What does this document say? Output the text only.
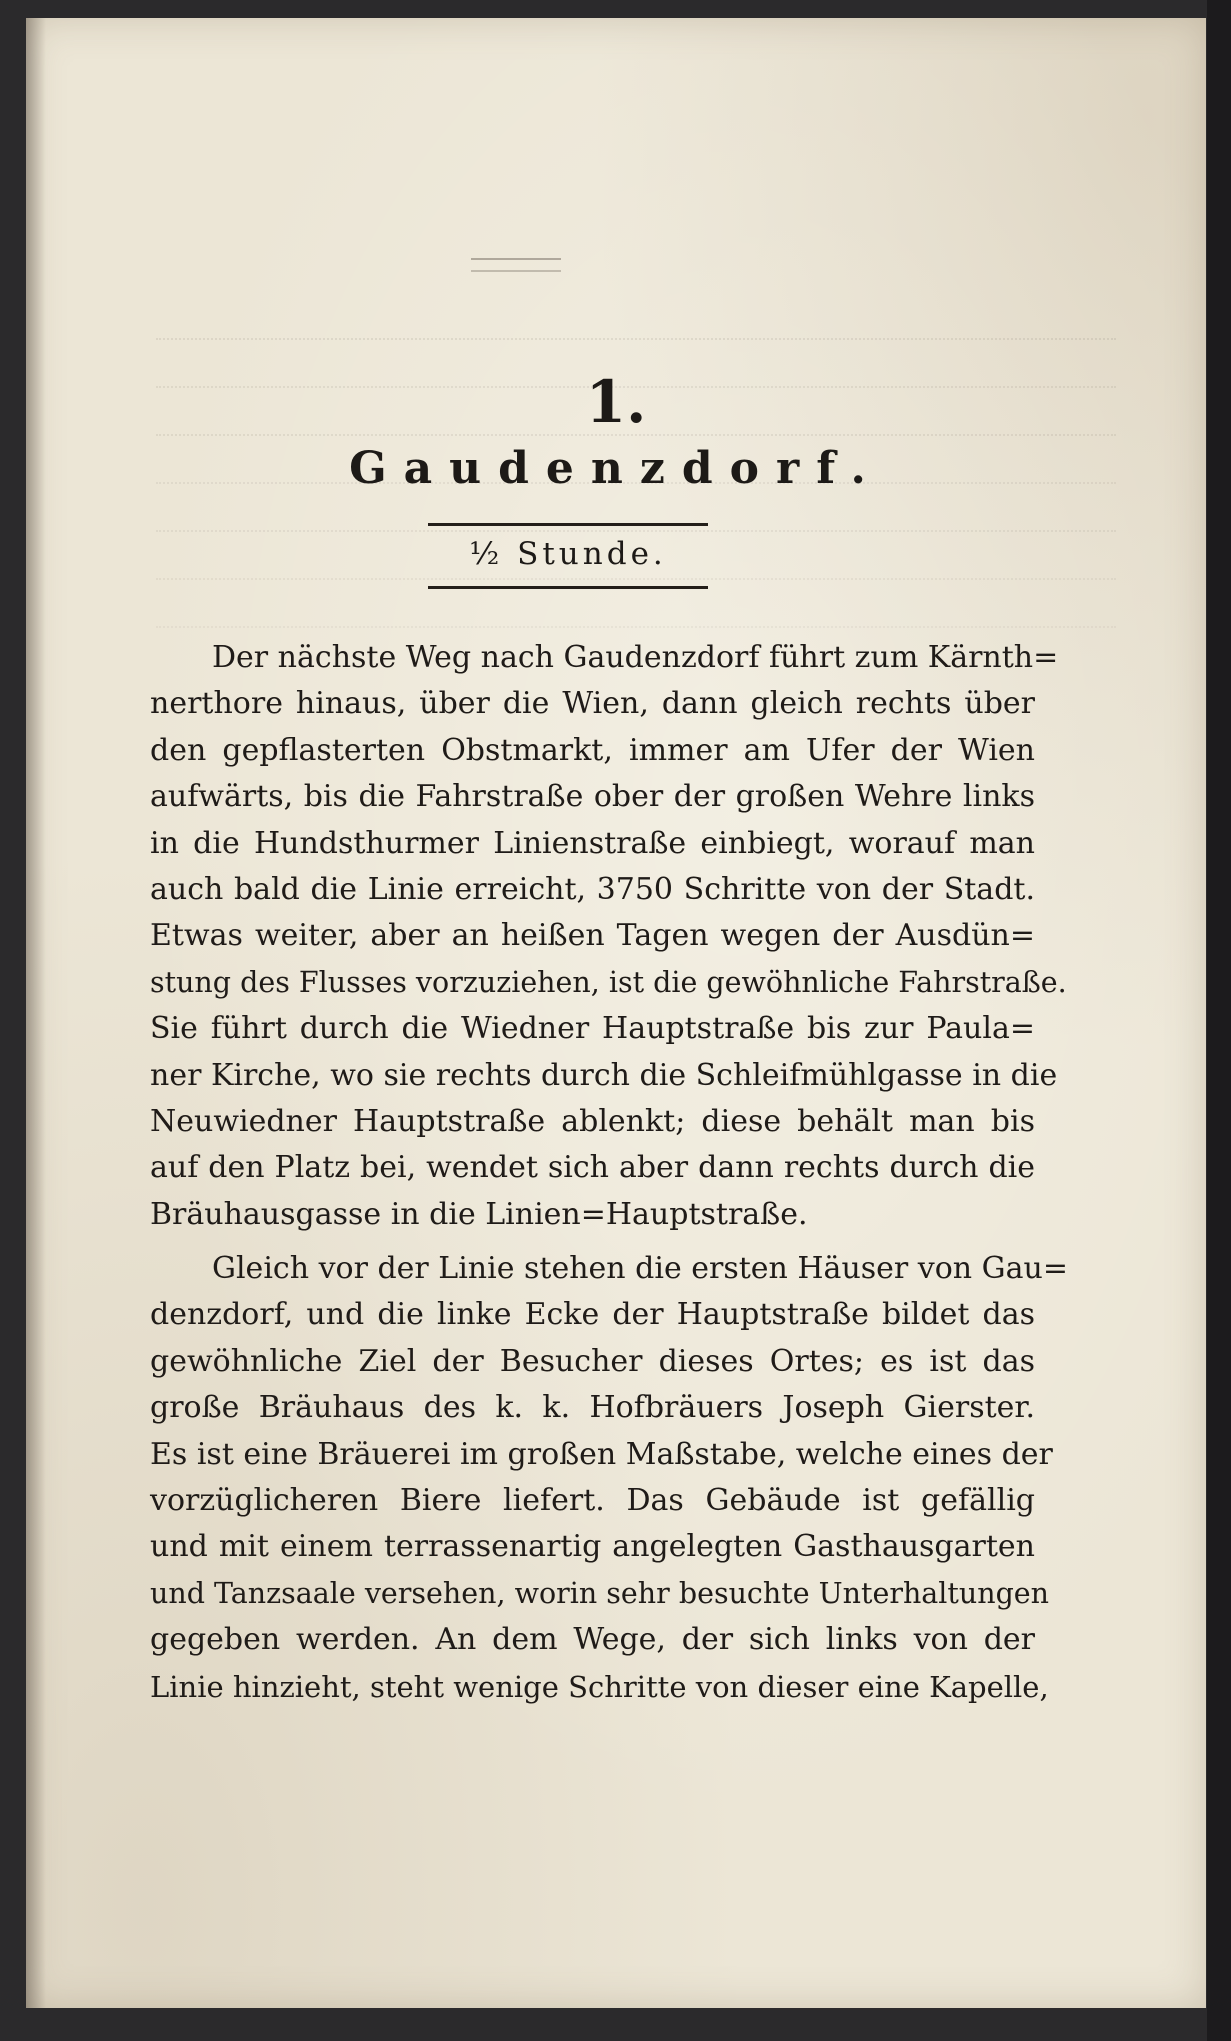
1.
Gaudenzdorf.
½ Stunde.
Der nächste Weg nach Gaudenzdorf führt zum Kärnth=
nerthore hinaus, über die Wien, dann gleich rechts über
den gepflasterten Obstmarkt, immer am Ufer der Wien
aufwärts, bis die Fahrstraße ober der großen Wehre links
in die Hundsthurmer Linienstraße einbiegt, worauf man
auch bald die Linie erreicht, 3750 Schritte von der Stadt.
Etwas weiter, aber an heißen Tagen wegen der Ausdün=
stung des Flusses vorzuziehen, ist die gewöhnliche Fahrstraße.
Sie führt durch die Wiedner Hauptstraße bis zur Paula=
ner Kirche, wo sie rechts durch die Schleifmühlgasse in die
Neuwiedner Hauptstraße ablenkt; diese behält man bis
auf den Platz bei, wendet sich aber dann rechts durch die
Bräuhausgasse in die Linien=Hauptstraße.
Gleich vor der Linie stehen die ersten Häuser von Gau=
denzdorf, und die linke Ecke der Hauptstraße bildet das
gewöhnliche Ziel der Besucher dieses Ortes; es ist das
große Bräuhaus des k. k. Hofbräuers Joseph Gierster.
Es ist eine Bräuerei im großen Maßstabe, welche eines der
vorzüglicheren Biere liefert. Das Gebäude ist gefällig
und mit einem terrassenartig angelegten Gasthausgarten
und Tanzsaale versehen, worin sehr besuchte Unterhaltungen
gegeben werden. An dem Wege, der sich links von der
Linie hinzieht, steht wenige Schritte von dieser eine Kapelle,
